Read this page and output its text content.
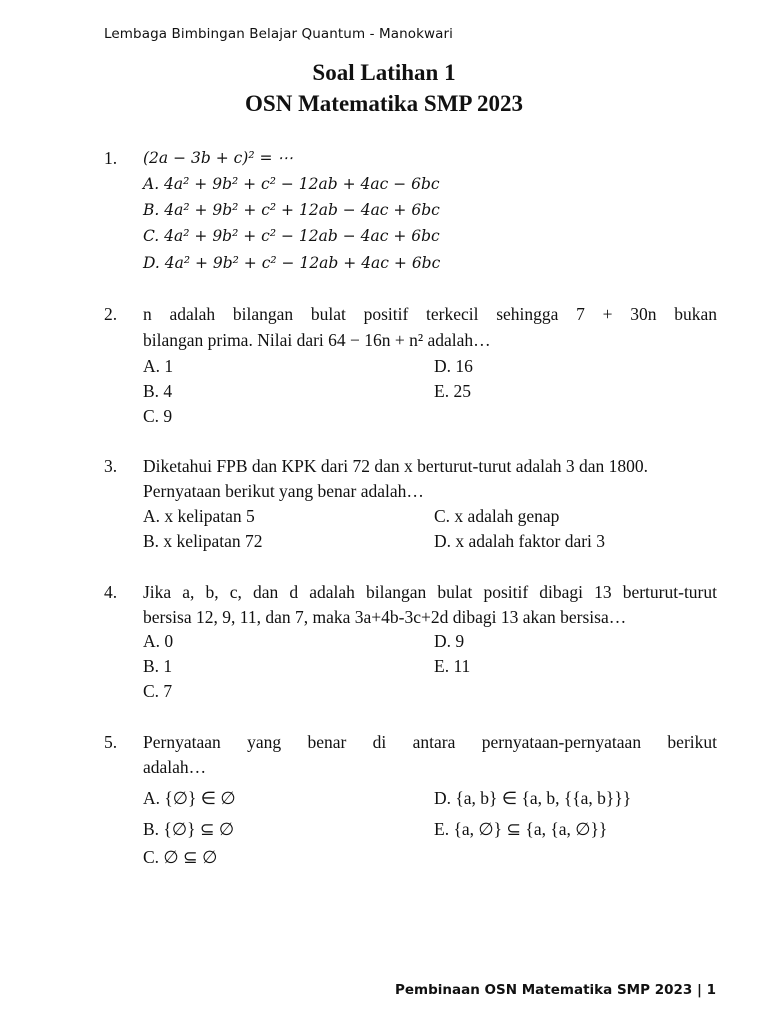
Lembaga Bimbingan Belajar Quantum - Manokwari
Soal Latihan 1
OSN Matematika SMP 2023
1. (2a − 3b + c)² = ⋯
A. 4a² + 9b² + c² − 12ab + 4ac − 6bc
B. 4a² + 9b² + c² + 12ab − 4ac + 6bc
C. 4a² + 9b² + c² − 12ab − 4ac + 6bc
D. 4a² + 9b² + c² − 12ab + 4ac + 6bc
2. n adalah bilangan bulat positif terkecil sehingga 7 + 30n bukan
bilangan prima. Nilai dari 64 − 16n + n² adalah…
A. 1	D. 16
B. 4	E. 25
C. 9
3. Diketahui FPB dan KPK dari 72 dan x berturut-turut adalah 3 dan 1800.
Pernyataan berikut yang benar adalah…
A. x kelipatan 5	C. x adalah genap
B. x kelipatan 72	D. x adalah faktor dari 3
4. Jika a, b, c, dan d adalah bilangan bulat positif dibagi 13 berturut-turut
bersisa 12, 9, 11, dan 7, maka 3a+4b-3c+2d dibagi 13 akan bersisa…
A. 0	D. 9
B. 1	E. 11
C. 7
5. Pernyataan yang benar di antara pernyataan-pernyataan berikut
adalah…
A. {∅} ∈ ∅	D. {a, b} ∈ {a, b, {{a, b}}}
B. {∅} ⊆ ∅	E. {a, ∅} ⊆ {a, {a, ∅}}
C. ∅ ⊆ ∅
Pembinaan OSN Matematika SMP 2023 | 1
